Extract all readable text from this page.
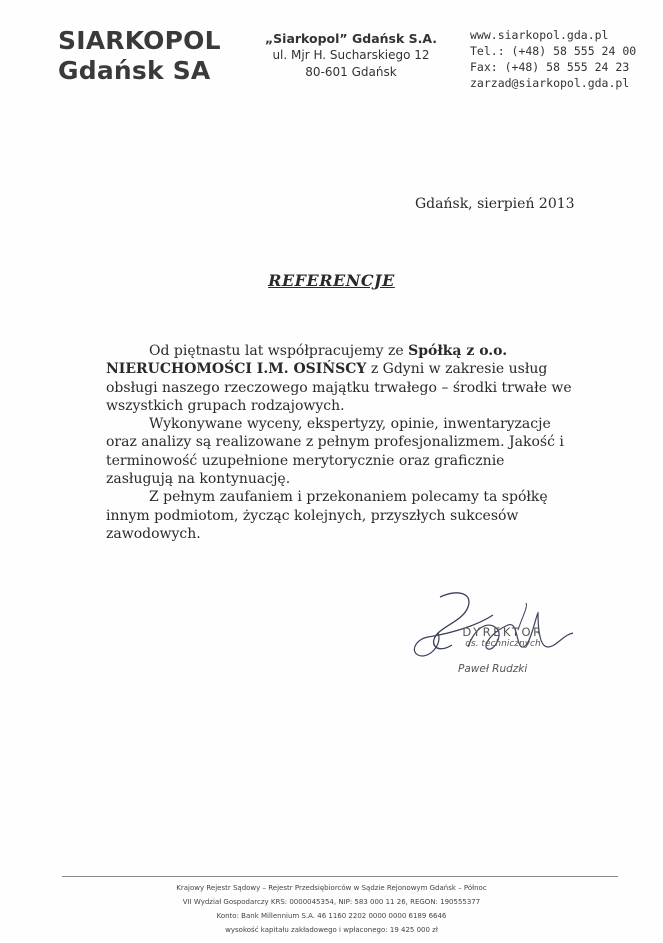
SIARKOPOL
Gdańsk SA
„Siarkopol” Gdańsk S.A.
ul. Mjr H. Sucharskiego 12
80-601 Gdańsk
www.siarkopol.gda.pl
Tel.: (+48) 58 555 24 00
Fax: (+48) 58 555 24 23
zarzad@siarkopol.gda.pl
Gdańsk, sierpień 2013
REFERENCJE

Od piętnastu lat współpracujemy ze Spółką z o.o. NIERUCHOMOŚCI I.M. OSIŃSCY z Gdyni w zakresie usług obsługi naszego rzeczowego majątku trwałego – środki trwałe we wszystkich grupach rodzajowych.

Wykonywane wyceny, ekspertyzy, opinie, inwentaryzacje oraz analizy są realizowane z pełnym profesjonalizmem. Jakość i terminowość uzupełnione merytorycznie oraz graficznie zasługują na kontynuację.

Z pełnym zaufaniem i przekonaniem polecamy ta spółkę innym podmiotom, życząc kolejnych, przyszłych sukcesów zawodowych.

DYREKTOR
ds. technicznych
Paweł Rudzki
Krajowy Rejestr Sądowy – Rejestr Przedsiębiorców w Sądzie Rejonowym Gdańsk – Północ
VII Wydział Gospodarczy KRS: 0000045354, NIP: 583 000 11 26, REGON: 190555377
Konto: Bank Millennium S.A. 46 1160 2202 0000 0000 6189 6646
wysokość kapitału zakładowego i wpłaconego: 19 425 000 zł
